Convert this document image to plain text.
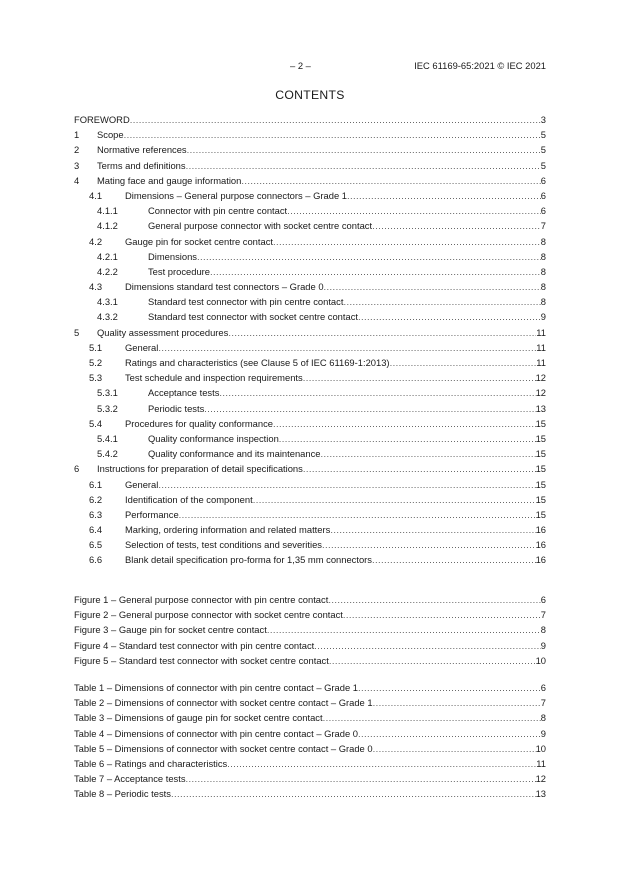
– 2 –	IEC 61169-65:2021 © IEC 2021
CONTENTS
FOREWORD .....	3
1 Scope .....	5
2 Normative references .....	5
3 Terms and definitions .....	5
4 Mating face and gauge information .....	6
4.1 Dimensions – General purpose connectors – Grade 1 .....	6
4.1.1	Connector with pin centre contact .....	6
4.1.2	General purpose connector with socket centre contact .....	7
4.2 Gauge pin for socket centre contact .....	8
4.2.1	Dimensions .....	8
4.2.2	Test procedure .....	8
4.3 Dimensions standard test connectors – Grade 0 .....	8
4.3.1	Standard test connector with pin centre contact .....	8
4.3.2	Standard test connector with socket centre contact .....	9
5 Quality assessment procedures .....	11
5.1 General .....	11
5.2 Ratings and characteristics (see Clause 5 of IEC 61169-1:2013) .....	11
5.3 Test schedule and inspection requirements .....	12
5.3.1	Acceptance tests .....	12
5.3.2	Periodic tests .....	13
5.4 Procedures for quality conformance .....	15
5.4.1	Quality conformance inspection .....	15
5.4.2	Quality conformance and its maintenance .....	15
6 Instructions for preparation of detail specifications .....	15
6.1 General .....	15
6.2 Identification of the component .....	15
6.3 Performance .....	15
6.4 Marking, ordering information and related matters .....	16
6.5 Selection of tests, test conditions and severities .....	16
6.6 Blank detail specification pro-forma for 1,35 mm connectors .....	16
Figure 1 – General purpose connector with pin centre contact .....	6
Figure 2 – General purpose connector with socket centre contact .....	7
Figure 3 – Gauge pin for socket centre contact .....	8
Figure 4 – Standard test connector with pin centre contact .....	9
Figure 5 – Standard test connector with socket centre contact .....	10
Table 1 – Dimensions of connector with pin centre contact – Grade 1 .....	6
Table 2 – Dimensions of connector with socket centre contact – Grade 1 .....	7
Table 3 – Dimensions of gauge pin for socket centre contact .....	8
Table 4 – Dimensions of connector with pin centre contact – Grade 0 .....	9
Table 5 – Dimensions of connector with socket centre contact – Grade 0 .....	10
Table 6 – Ratings and characteristics .....	11
Table 7 – Acceptance tests .....	12
Table 8 – Periodic tests .....	13
